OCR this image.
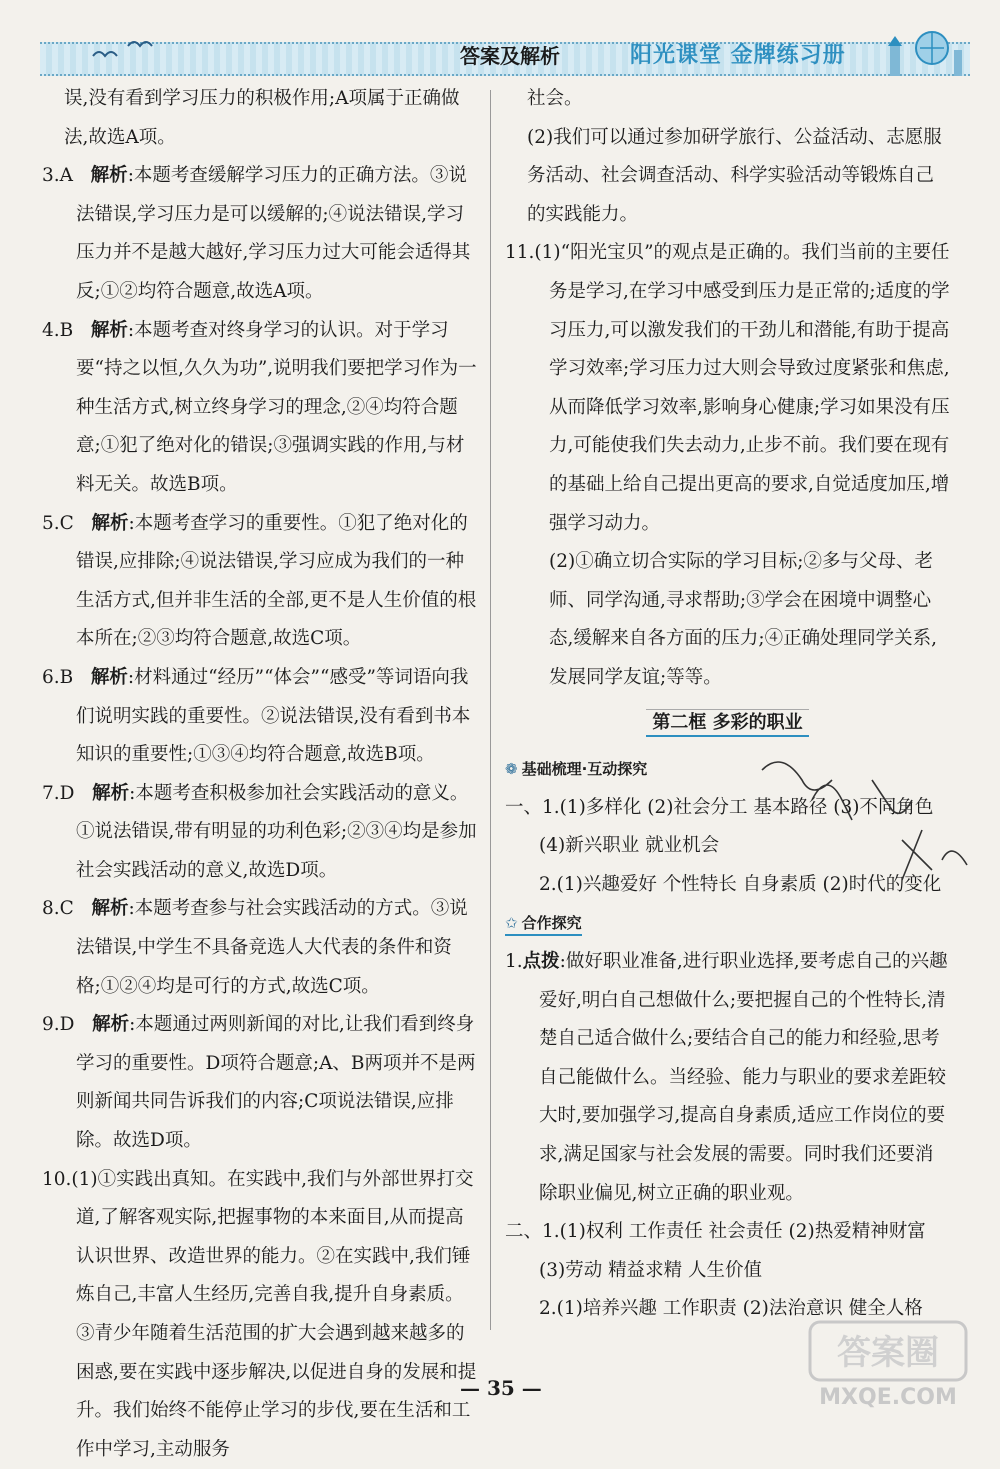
答案及解析	阳光课堂 金牌练习册

误,没有看到学习压力的积极作用;A项属于正确做法,故选A项。

3.A 解析:本题考查缓解学习压力的正确方法。③说法错误,学习压力是可以缓解的;④说法错误,学习压力并不是越大越好,学习压力过大可能会适得其反;①②均符合题意,故选A项。

4.B 解析:本题考查对终身学习的认识。对于学习要“持之以恒,久久为功”,说明我们要把学习作为一种生活方式,树立终身学习的理念,②④均符合题意;①犯了绝对化的错误;③强调实践的作用,与材料无关。故选B项。

5.C 解析:本题考查学习的重要性。①犯了绝对化的错误,应排除;④说法错误,学习应成为我们的一种生活方式,但并非生活的全部,更不是人生价值的根本所在;②③均符合题意,故选C项。

6.B 解析:材料通过“经历”“体会”“感受”等词语向我们说明实践的重要性。②说法错误,没有看到书本知识的重要性;①③④均符合题意,故选B项。

7.D 解析:本题考查积极参加社会实践活动的意义。①说法错误,带有明显的功利色彩;②③④均是参加社会实践活动的意义,故选D项。

8.C 解析:本题考查参与社会实践活动的方式。③说法错误,中学生不具备竞选人大代表的条件和资格;①②④均是可行的方式,故选C项。

9.D 解析:本题通过两则新闻的对比,让我们看到终身学习的重要性。D项符合题意;A、B两项并不是两则新闻共同告诉我们的内容;C项说法错误,应排除。故选D项。

10.(1)①实践出真知。在实践中,我们与外部世界打交道,了解客观实际,把握事物的本来面目,从而提高认识世界、改造世界的能力。②在实践中,我们锤炼自己,丰富人生经历,完善自我,提升自身素质。③青少年随着生活范围的扩大会遇到越来越多的困惑,要在实践中逐步解决,以促进自身的发展和提升。我们始终不能停止学习的步伐,要在生活和工作中学习,主动服务

社会。

(2)我们可以通过参加研学旅行、公益活动、志愿服务活动、社会调查活动、科学实验活动等锻炼自己的实践能力。

11.(1)“阳光宝贝”的观点是正确的。我们当前的主要任务是学习,在学习中感受到压力是正常的;适度的学习压力,可以激发我们的干劲儿和潜能,有助于提高学习效率;学习压力过大则会导致过度紧张和焦虑,从而降低学习效率,影响身心健康;学习如果没有压力,可能使我们失去动力,止步不前。我们要在现有的基础上给自己提出更高的要求,自觉适度加压,增强学习动力。

(2)①确立切合实际的学习目标;②多与父母、老师、同学沟通,寻求帮助;③学会在困境中调整心态,缓解来自各方面的压力;④正确处理同学关系,发展同学友谊;等等。

第二框 多彩的职业
❁ 基础梳理·互动探究

一、1.(1)多样化 (2)社会分工 基本路径 (3)不同角色 (4)新兴职业 就业机会

2.(1)兴趣爱好 个性特长 自身素质 (2)时代的变化

✩ 合作探究

1.点拨:做好职业准备,进行职业选择,要考虑自己的兴趣爱好,明白自己想做什么;要把握自己的个性特长,清楚自己适合做什么;要结合自己的能力和经验,思考自己能做什么。当经验、能力与职业的要求差距较大时,要加强学习,提高自身素质,适应工作岗位的要求,满足国家与社会发展的需要。同时我们还要消除职业偏见,树立正确的职业观。

二、1.(1)权利 工作责任 社会责任 (2)热爱精神财富 (3)劳动 精益求精 人生价值

2.(1)培养兴趣 工作职责 (2)法治意识 健全人格

— 35 —
答案圈
MXQE.COM
